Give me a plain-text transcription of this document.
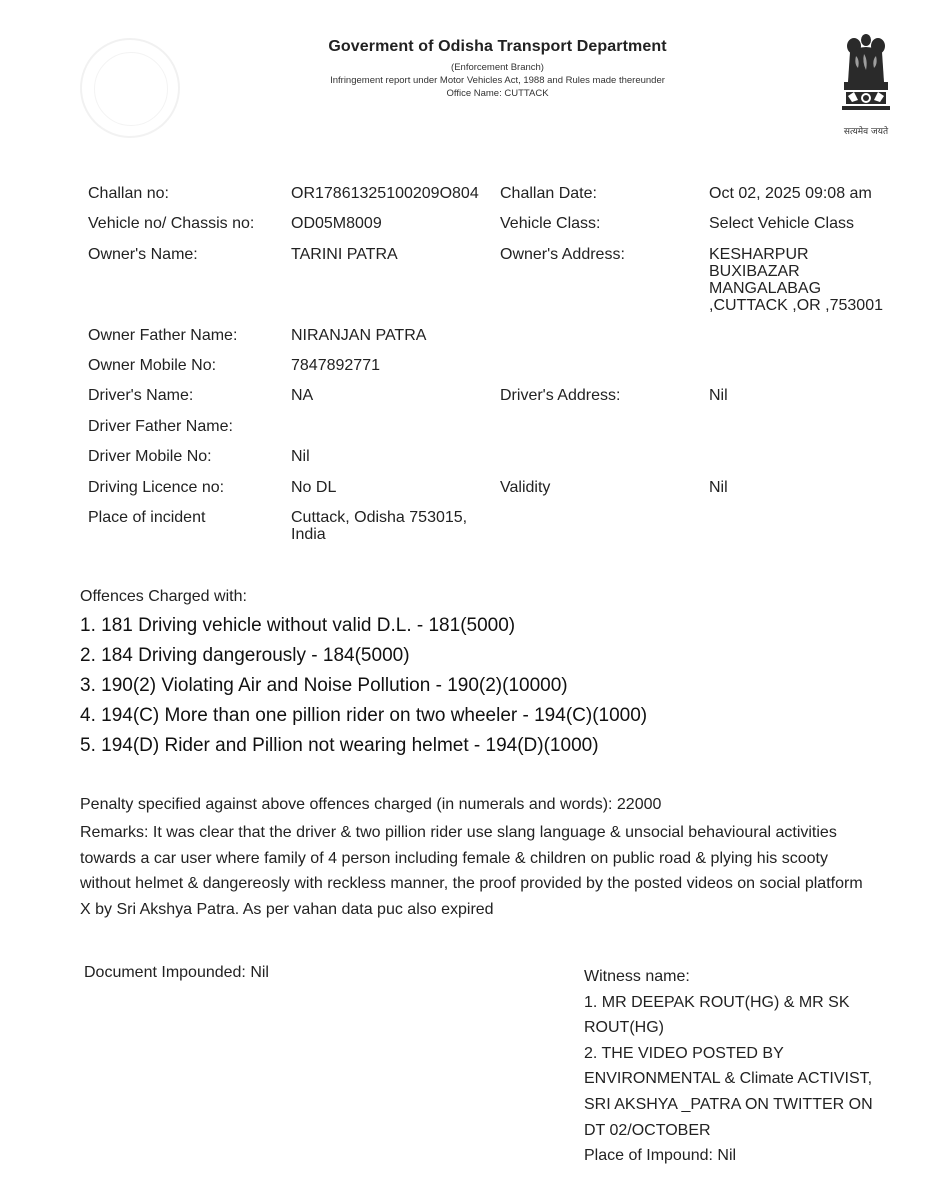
Goverment of Odisha Transport Department
(Enforcement Branch)
Infringement report under Motor Vehicles Act, 1988 and Rules made thereunder
Office Name: CUTTACK
सत्यमेव जयते
Challan no:	OR17861325100209O804 Challan Date:	Oct 02, 2025 09:08 am
Vehicle no/ Chassis no: OD05M8009	Vehicle Class:	Select Vehicle Class
Owner's Name:	TARINI PATRA	Owner's Address:	KESHARPUR
BUXIBAZAR
MANGALABAG
,CUTTACK ,OR ,753001
Owner Father Name:	NIRANJAN PATRA
Owner Mobile No:	7847892771
Driver's Name:	NA	Driver's Address:	Nil
Driver Father Name:
Driver Mobile No:	Nil
Driving Licence no:	No DL	Validity	Nil
Place of incident	Cuttack, Odisha 753015,
India
Offences Charged with:
1. 181 Driving vehicle without valid D.L. - 181(5000)
2. 184 Driving dangerously - 184(5000)
3. 190(2) Violating Air and Noise Pollution - 190(2)(10000)
4. 194(C) More than one pillion rider on two wheeler - 194(C)(1000)
5. 194(D) Rider and Pillion not wearing helmet - 194(D)(1000)
Penalty specified against above offences charged (in numerals and words): 22000
Remarks: It was clear that the driver & two pillion rider use slang language & unsocial behavioural activities
towards a car user where family of 4 person including female & children on public road & plying his scooty
without helmet & dangereosly with reckless manner, the proof provided by the posted videos on social platform
X by Sri Akshya Patra. As per vahan data puc also expired
Document Impounded: Nil	Witness name:
1. MR DEEPAK ROUT(HG) & MR SK
ROUT(HG)
2. THE VIDEO POSTED BY
ENVIRONMENTAL & Climate ACTIVIST,
SRI AKSHYA _PATRA ON TWITTER ON
DT 02/OCTOBER
Place of Impound: Nil
